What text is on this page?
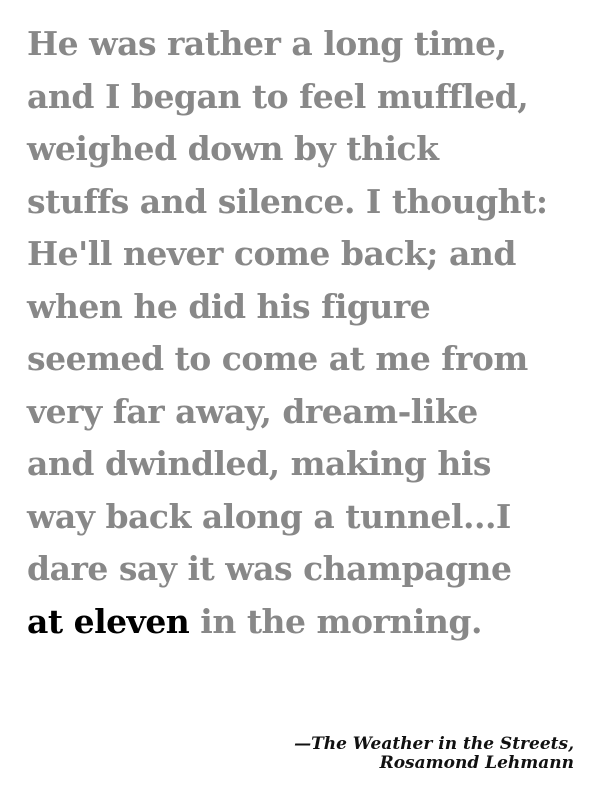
He was rather a long time,
and I began to feel muffled,
weighed down by thick
stuffs and silence. I thought:
He'll never come back; and
when he did his figure
seemed to come at me from
very far away, dream-like
and dwindled, making his
way back along a tunnel...I
dare say it was champagne
at eleven in the morning.
—The Weather in the Streets,
Rosamond Lehmann
